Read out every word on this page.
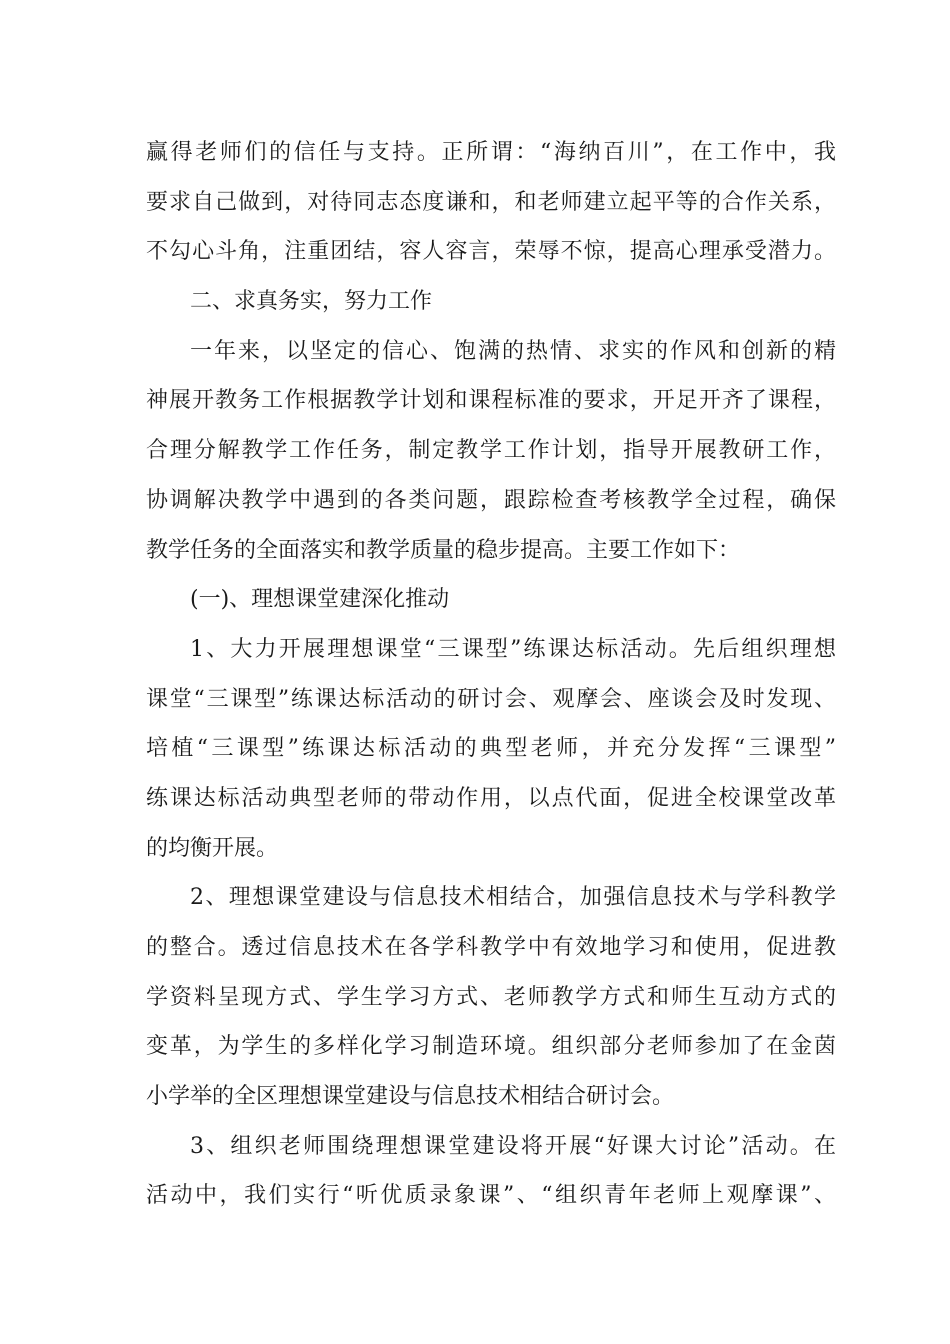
赢得老师们的信任与支持。正所谓：“海纳百川”，在工作中，我
要求自己做到，对待同志态度谦和，和老师建立起平等的合作关系，
不勾心斗角，注重团结，容人容言，荣辱不惊，提高心理承受潜力。
二、求真务实，努力工作
一年来，以坚定的信心、饱满的热情、求实的作风和创新的精
神展开教务工作根据教学计划和课程标准的要求，开足开齐了课程，
合理分解教学工作任务，制定教学工作计划，指导开展教研工作，
协调解决教学中遇到的各类问题，跟踪检查考核教学全过程，确保
教学任务的全面落实和教学质量的稳步提高。主要工作如下：
(一)、理想课堂建深化推动
1、大力开展理想课堂“三课型”练课达标活动。先后组织理想
课堂“三课型”练课达标活动的研讨会、观摩会、座谈会及时发现、
培植“三课型”练课达标活动的典型老师，并充分发挥“三课型”
练课达标活动典型老师的带动作用，以点代面，促进全校课堂改革
的均衡开展。
2、理想课堂建设与信息技术相结合，加强信息技术与学科教学
的整合。透过信息技术在各学科教学中有效地学习和使用，促进教
学资料呈现方式、学生学习方式、老师教学方式和师生互动方式的
变革，为学生的多样化学习制造环境。组织部分老师参加了在金茵
小学举的全区理想课堂建设与信息技术相结合研讨会。
3、组织老师围绕理想课堂建设将开展“好课大讨论”活动。在
活动中，我们实行“听优质录象课”、“组织青年老师上观摩课”、
